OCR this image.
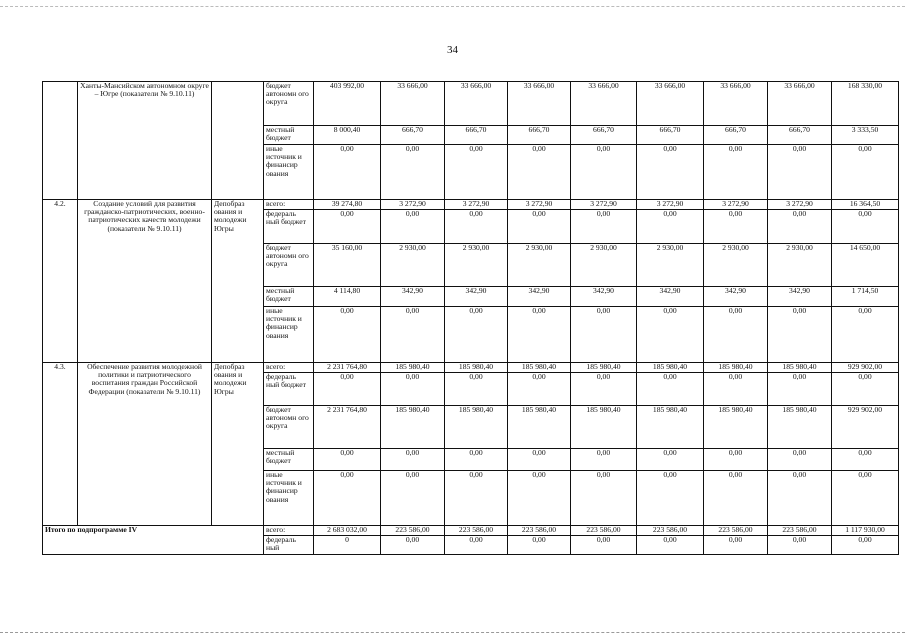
34
	Ханты-Мансийском автономном округе – Югре (показатели № 9.10.11)		бюджет автономн ого округа	403 992,00	33 666,00	33 666,00	33 666,00	33 666,00	33 666,00	33 666,00	33 666,00	168 330,00
			местный бюджет	8 000,40	666,70	666,70	666,70	666,70	666,70	666,70	666,70	3 333,50
			иные источник и финансир ования	0,00	0,00	0,00	0,00	0,00	0,00	0,00	0,00	0,00
4.2.	Создание условий для развития гражданско-патриотических, военно-патриотических качеств молодежи (показатели № 9.10.11)	Депобраз ования и молодежи Югры	всего:	39 274,80	3 272,90	3 272,90	3 272,90	3 272,90	3 272,90	3 272,90	3 272,90	16 364,50
			федераль ный бюджет	0,00	0,00	0,00	0,00	0,00	0,00	0,00	0,00	0,00
			бюджет автономн ого округа	35 160,00	2 930,00	2 930,00	2 930,00	2 930,00	2 930,00	2 930,00	2 930,00	14 650,00
			местный бюджет	4 114,80	342,90	342,90	342,90	342,90	342,90	342,90	342,90	1 714,50
			иные источник и финансир ования	0,00	0,00	0,00	0,00	0,00	0,00	0,00	0,00	0,00
4.3.	Обеспечение развития молодежной политики и патриотического воспитания граждан Российской Федерации (показатели № 9.10.11)	Депобраз ования и молодежи Югры	всего:	2 231 764,80	185 980,40	185 980,40	185 980,40	185 980,40	185 980,40	185 980,40	185 980,40	929 902,00
			федераль ный бюджет	0,00	0,00	0,00	0,00	0,00	0,00	0,00	0,00	0,00
			бюджет автономн ого округа	2 231 764,80	185 980,40	185 980,40	185 980,40	185 980,40	185 980,40	185 980,40	185 980,40	929 902,00
			местный бюджет	0,00	0,00	0,00	0,00	0,00	0,00	0,00	0,00	0,00
			иные источник и финансир ования	0,00	0,00	0,00	0,00	0,00	0,00	0,00	0,00	0,00
Итого по подпрограмме IV			всего:	2 683 032,00	223 586,00	223 586,00	223 586,00	223 586,00	223 586,00	223 586,00	223 586,00	1 117 930,00
			федераль ный	0	0,00	0,00	0,00	0,00	0,00	0,00	0,00	0,00
